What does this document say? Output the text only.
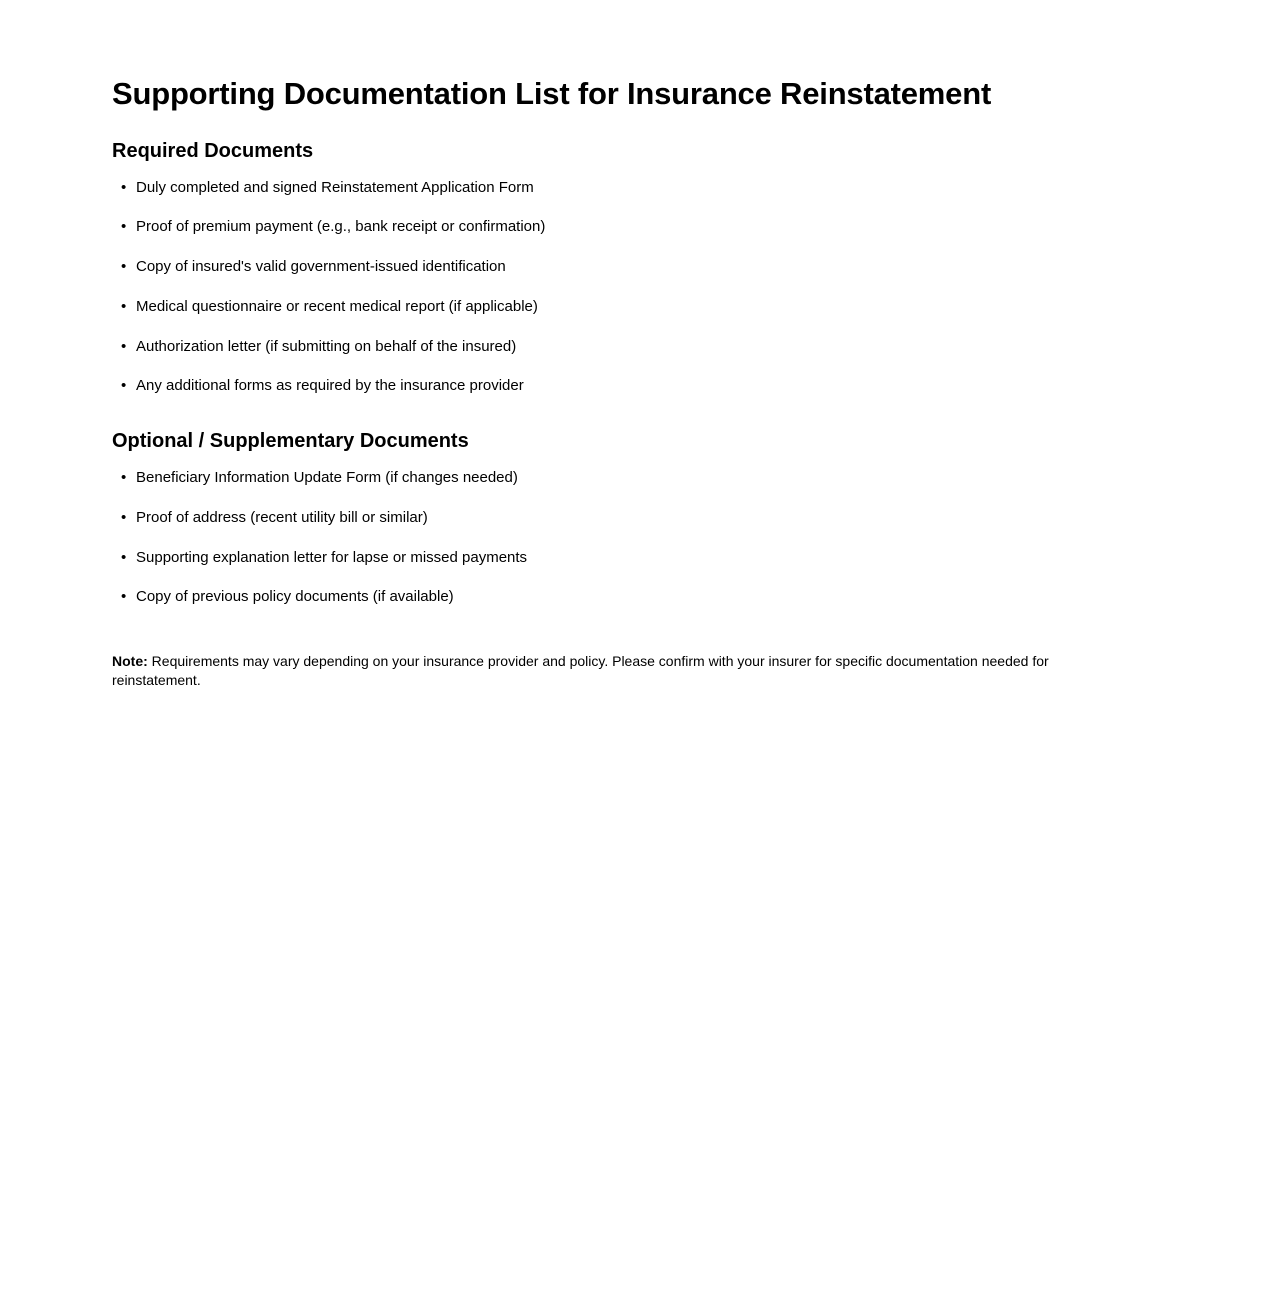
Supporting Documentation List for Insurance Reinstatement
Required Documents
• Duly completed and signed Reinstatement Application Form
• Proof of premium payment (e.g., bank receipt or confirmation)
• Copy of insured's valid government-issued identification
• Medical questionnaire or recent medical report (if applicable)
• Authorization letter (if submitting on behalf of the insured)
• Any additional forms as required by the insurance provider
Optional / Supplementary Documents
• Beneficiary Information Update Form (if changes needed)
• Proof of address (recent utility bill or similar)
• Supporting explanation letter for lapse or missed payments
• Copy of previous policy documents (if available)

Note: Requirements may vary depending on your insurance provider and policy. Please confirm with your insurer for specific documentation needed for reinstatement.
